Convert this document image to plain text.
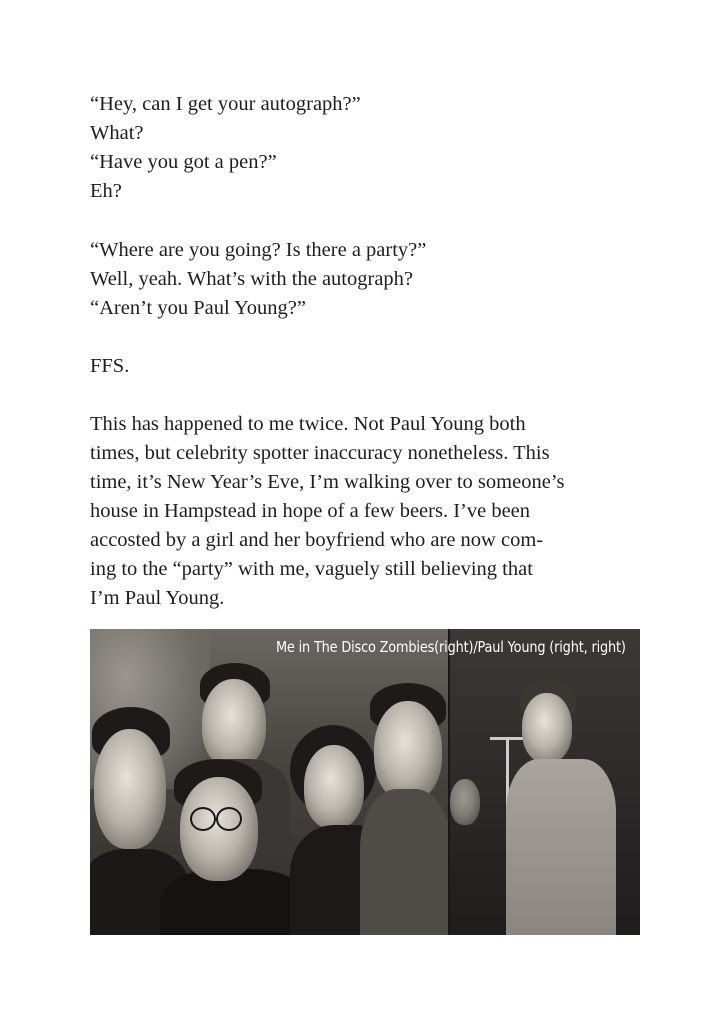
“Hey, can I get your autograph?”
What?
“Have you got a pen?”
Eh?
“Where are you going? Is there a party?”
Well, yeah. What’s with the autograph?
“Aren’t you Paul Young?”
FFS.
This has happened to me twice. Not Paul Young both
times, but celebrity spotter inaccuracy nonetheless. This
time, it’s New Year’s Eve, I’m walking over to someone’s
house in Hampstead in hope of a few beers. I’ve been
accosted by a girl and her boyfriend who are now com-
ing to the “party” with me, vaguely still believing that
I’m Paul Young.
Me in The Disco Zombies(right)/Paul Young (right, right)
